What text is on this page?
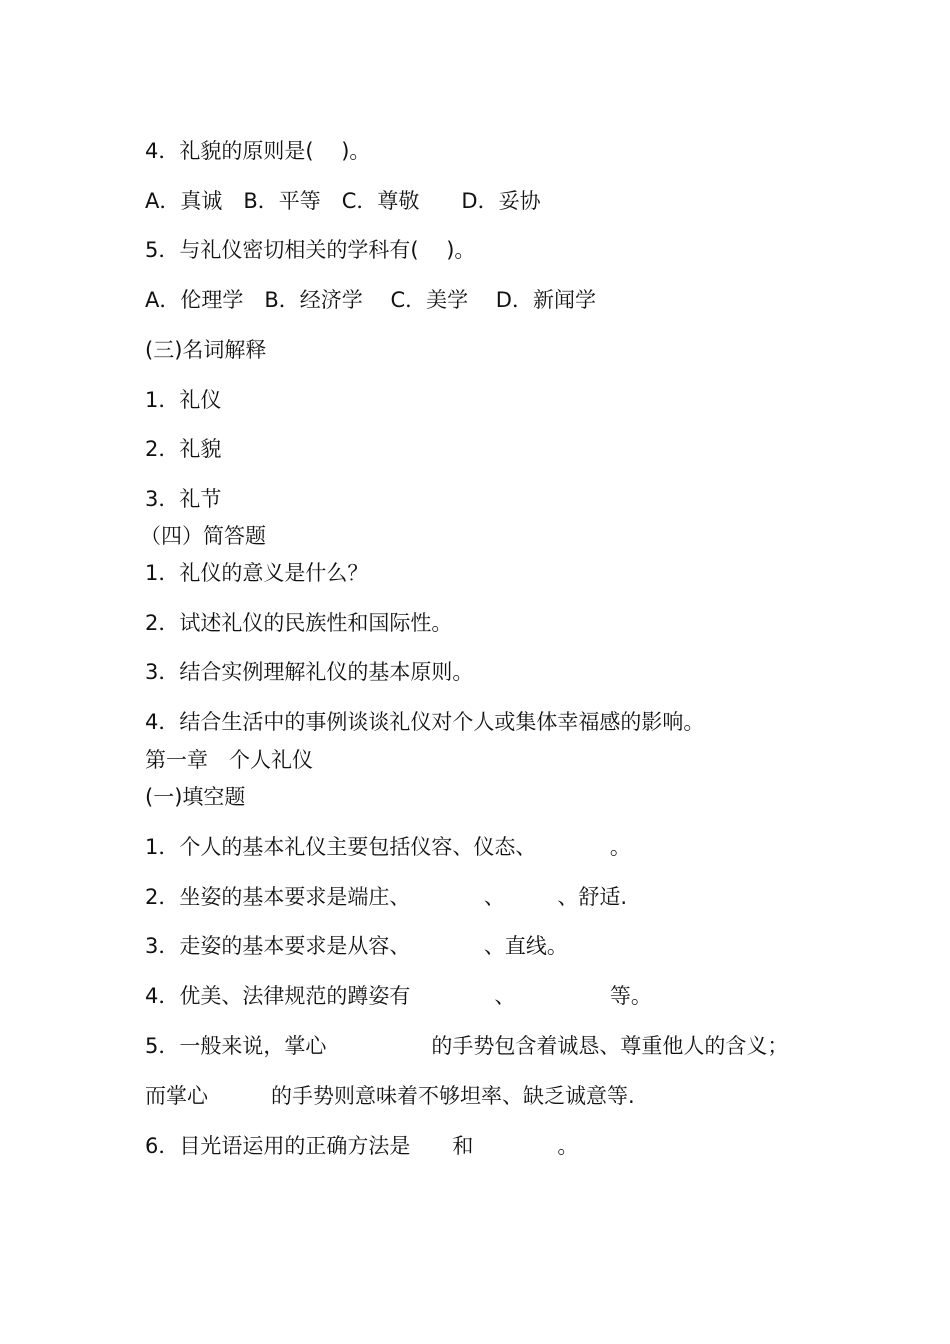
4．礼貌的原则是(　 )。

A．真诚　B．平等　C．尊敬　　D．妥协

5．与礼仪密切相关的学科有(　 )。

A．伦理学　B．经济学　 C．美学　 D．新闻学

(三)名词解释

1．礼仪

2．礼貌

3．礼节

（四）简答题

1．礼仪的意义是什么？

2．试述礼仪的民族性和国际性。

3．结合实例理解礼仪的基本原则。

4．结合生活中的事例谈谈礼仪对个人或集体幸福感的影响。

第一章　个人礼仪

(一)填空题

1．个人的基本礼仪主要包括仪容、仪态、　　　　。

2．坐姿的基本要求是端庄、　　　　、　　　、舒适.

3．走姿的基本要求是从容、　　　　、直线。

4．优美、法律规范的蹲姿有　　　　、　　　　　等。

5．一般来说，掌心　　　　　的手势包含着诚恳、尊重他人的含义；

而掌心　　　的手势则意味着不够坦率、缺乏诚意等.

6．目光语运用的正确方法是　　和　　　　。
